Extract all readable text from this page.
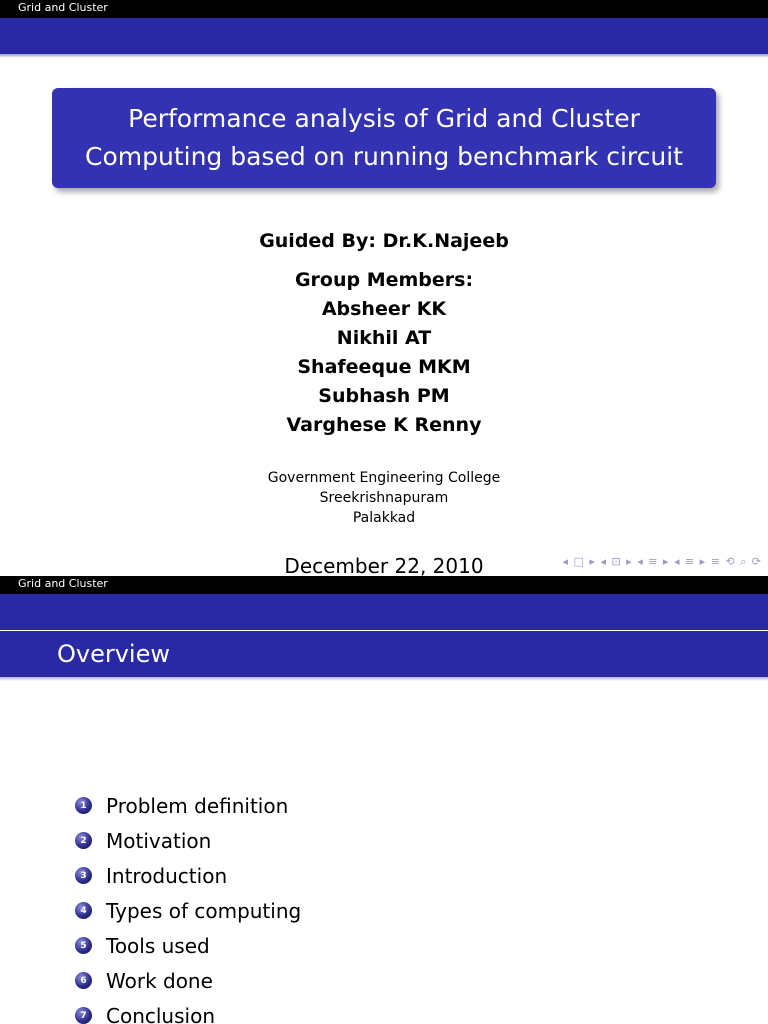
Grid and Cluster
Performance analysis of Grid and Cluster
Computing based on running benchmark circuit
Guided By: Dr.K.Najeeb
Group Members:
Absheer KK
Nikhil AT
Shafeeque MKM
Subhash PM
Varghese K Renny
Government Engineering College
Sreekrishnapuram
Palakkad
December 22, 2010	◂ □ ▸ ◂ ⊡ ▸ ◂ ≡ ▸ ◂ ≡ ▸ ≡ ⟲ ⌕ ⟳
Grid and Cluster
Overview
1 Problem definition
2 Motivation
3 Introduction
4 Types of computing
5 Tools used
6 Work done
7 Conclusion
